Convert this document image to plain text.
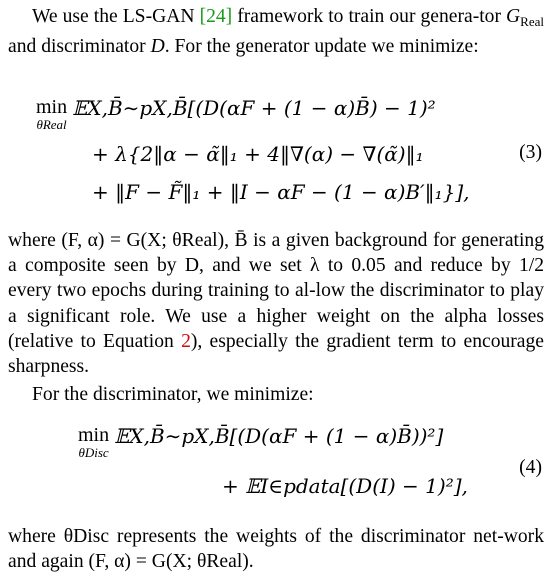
We use the LS-GAN [24] framework to train our genera-tor $G_{Real}$ and discriminator D. For the generator update we minimize:

min
θReal
𝔼X,B̄∼pX,B̄[(D(αF + (1 − α)B̄) − 1)²
+ λ{2‖α − α̃‖₁ + 4‖∇(α) − ∇(α̃)‖₁	(3)
+ ‖F − F̃‖₁ + ‖I − αF − (1 − α)B′‖₁}],

where (F, α) = G(X; θReal), B̄ is a given background for generating a composite seen by D, and we set λ to 0.05 and reduce by 1/2 every two epochs during training to al-low the discriminator to play a significant role. We use a higher weight on the alpha losses (relative to Equation 2), especially the gradient term to encourage sharpness.

For the discriminator, we minimize:

min
θDisc
𝔼X,B̄∼pX,B̄[(D(αF + (1 − α)B̄))²]
(4)
+ 𝔼I∈pdata[(D(I) − 1)²],

where θDisc represents the weights of the discriminator net-work and again (F, α) = G(X; θReal).
